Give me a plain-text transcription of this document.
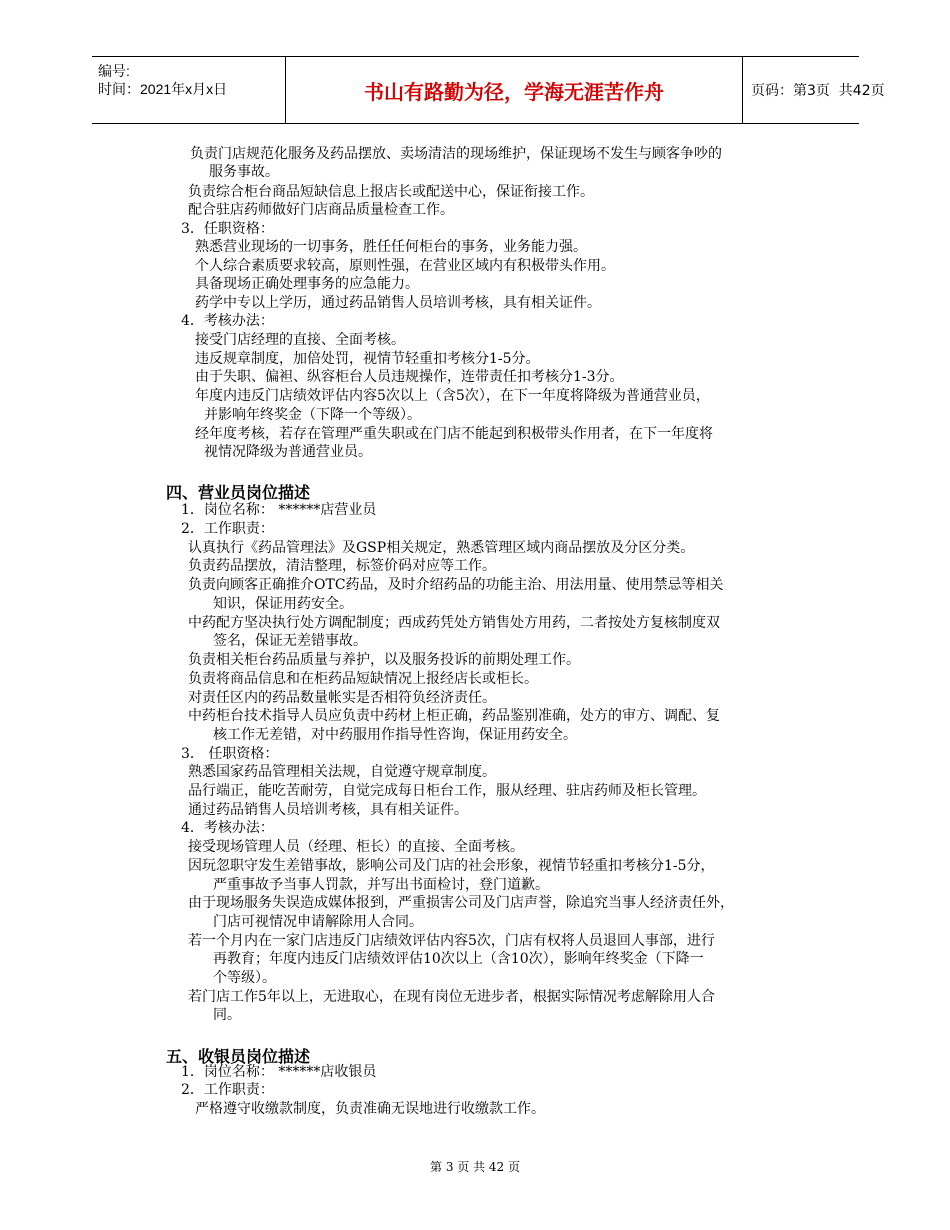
编号:
时间：2021年x月x日	书山有路勤为径，学海无涯苦作舟	页码：第3页  共42页
负责门店规范化服务及药品摆放、卖场清洁的现场维护，保证现场不发生与顾客争吵的
服务事故。
负责综合柜台商品短缺信息上报店长或配送中心，保证衔接工作。
配合驻店药师做好门店商品质量检查工作。
3．任职资格：
熟悉营业现场的一切事务，胜任任何柜台的事务，业务能力强。
个人综合素质要求较高，原则性强，在营业区域内有积极带头作用。
具备现场正确处理事务的应急能力。
药学中专以上学历，通过药品销售人员培训考核，具有相关证件。
4．考核办法：
接受门店经理的直接、全面考核。
违反规章制度，加倍处罚，视情节轻重扣考核分1-5分。
由于失职、偏袒、纵容柜台人员违规操作，连带责任扣考核分1-3分。
年度内违反门店绩效评估内容5次以上（含5次），在下一年度将降级为普通营业员，
并影响年终奖金（下降一个等级）。
经年度考核，若存在管理严重失职或在门店不能起到积极带头作用者，在下一年度将
视情况降级为普通营业员。
四、营业员岗位描述
1．岗位名称： ******店营业员
2．工作职责：
认真执行《药品管理法》及GSP相关规定，熟悉管理区域内商品摆放及分区分类。
负责药品摆放，清洁整理，标签价码对应等工作。
负责向顾客正确推介OTC药品，及时介绍药品的功能主治、用法用量、使用禁忌等相关
知识，保证用药安全。
中药配方坚决执行处方调配制度；西成药凭处方销售处方用药，二者按处方复核制度双
签名，保证无差错事故。
负责相关柜台药品质量与养护，以及服务投诉的前期处理工作。
负责将商品信息和在柜药品短缺情况上报经店长或柜长。
对责任区内的药品数量帐实是否相符负经济责任。
中药柜台技术指导人员应负责中药材上柜正确，药品鉴别准确，处方的审方、调配、复
核工作无差错，对中药服用作指导性咨询，保证用药安全。
3． 任职资格：
熟悉国家药品管理相关法规，自觉遵守规章制度。
品行端正，能吃苦耐劳，自觉完成每日柜台工作，服从经理、驻店药师及柜长管理。
通过药品销售人员培训考核，具有相关证件。
4．考核办法：
接受现场管理人员（经理、柜长）的直接、全面考核。
因玩忽职守发生差错事故，影响公司及门店的社会形象，视情节轻重扣考核分1-5分，
严重事故予当事人罚款，并写出书面检讨，登门道歉。
由于现场服务失误造成媒体报到，严重损害公司及门店声誉，除追究当事人经济责任外，
门店可视情况申请解除用人合同。
若一个月内在一家门店违反门店绩效评估内容5次，门店有权将人员退回人事部，进行
再教育；年度内违反门店绩效评估10次以上（含10次），影响年终奖金（下降一
个等级）。
若门店工作5年以上，无进取心，在现有岗位无进步者，根据实际情况考虑解除用人合
同。
五、收银员岗位描述
1．岗位名称： ******店收银员
2．工作职责：
严格遵守收缴款制度，负责准确无误地进行收缴款工作。
第 3 页 共 42 页
